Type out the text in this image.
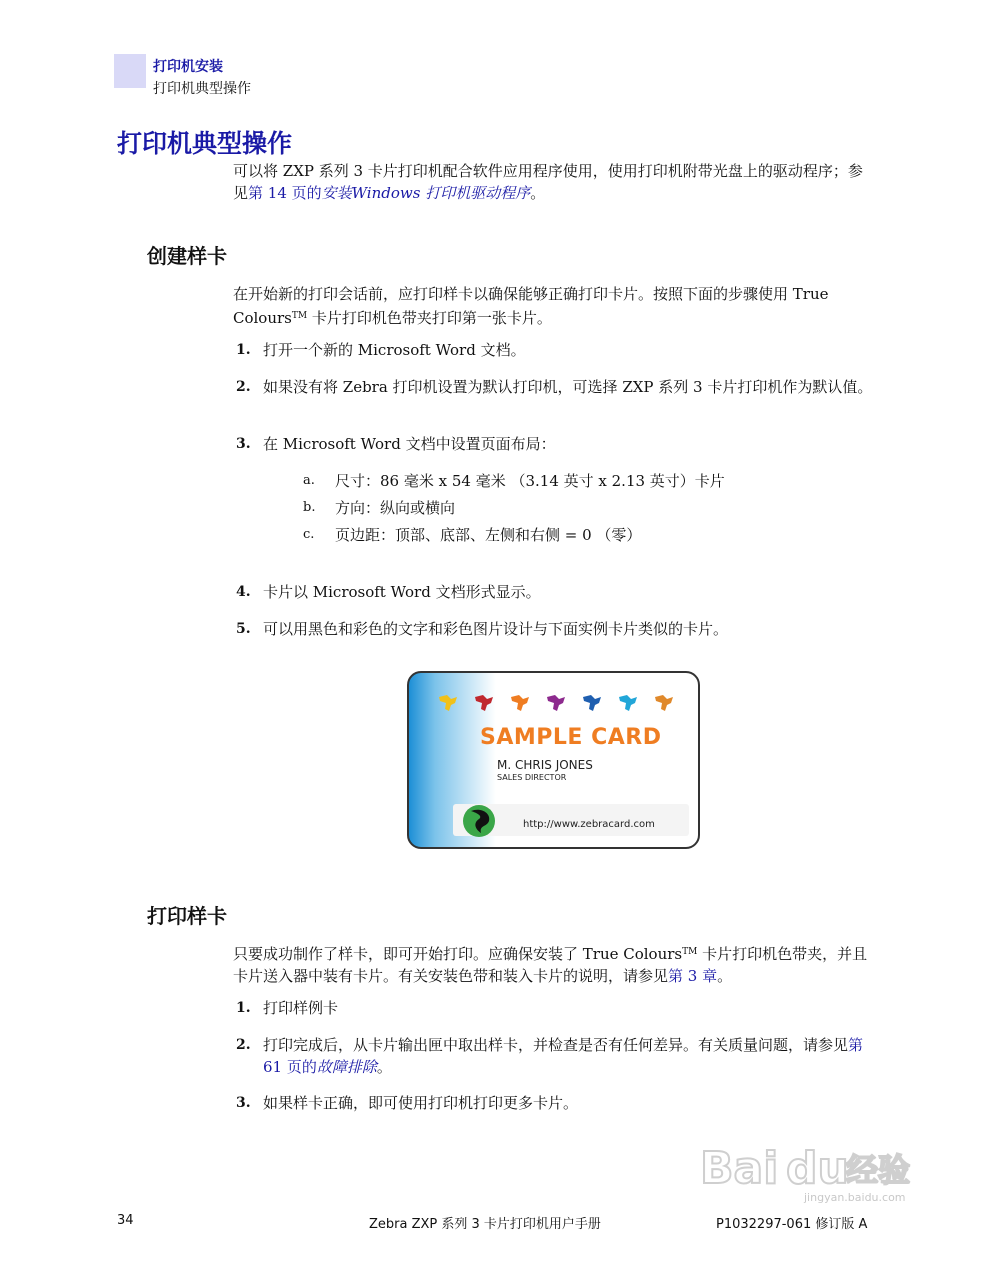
打印机安装
打印机典型操作
打印机典型操作
可以将 ZXP 系列 3 卡片打印机配合软件应用程序使用，使用打印机附带光盘上的驱动程序；参见第 14 页的安装Windows 打印机驱动程序。
创建样卡
在开始新的打印会话前，应打印样卡以确保能够正确打印卡片。按照下面的步骤使用 True Colours™ 卡片打印机色带夹打印第一张卡片。
1. 打开一个新的 Microsoft Word 文档。
2. 如果没有将 Zebra 打印机设置为默认打印机，可选择 ZXP 系列 3 卡片打印机作为默认值。
3. 在 Microsoft Word 文档中设置页面布局：
a. 尺寸：86 毫米 x 54 毫米 （3.14 英寸 x 2.13 英寸）卡片
b. 方向：纵向或横向
c. 页边距：顶部、底部、左侧和右侧 = 0 （零）
4. 卡片以 Microsoft Word 文档形式显示。
5. 可以用黑色和彩色的文字和彩色图片设计与下面实例卡片类似的卡片。
SAMPLE CARD
M. CHRIS JONES
SALES DIRECTOR
http://www.zebracard.com
打印样卡
只要成功制作了样卡，即可开始打印。应确保安装了 True Colours™ 卡片打印机色带夹，并且卡片送入器中装有卡片。有关安装色带和装入卡片的说明，请参见第 3 章。
1. 打印样例卡
2. 打印完成后，从卡片输出匣中取出样卡，并检查是否有任何差异。有关质量问题，请参见第 61 页的故障排除。
3. 如果样卡正确，即可使用打印机打印更多卡片。
Bai du
经验
jingyan.baidu.com
34	Zebra ZXP 系列 3 卡片打印机用户手册	P1032297-061 修订版 A
